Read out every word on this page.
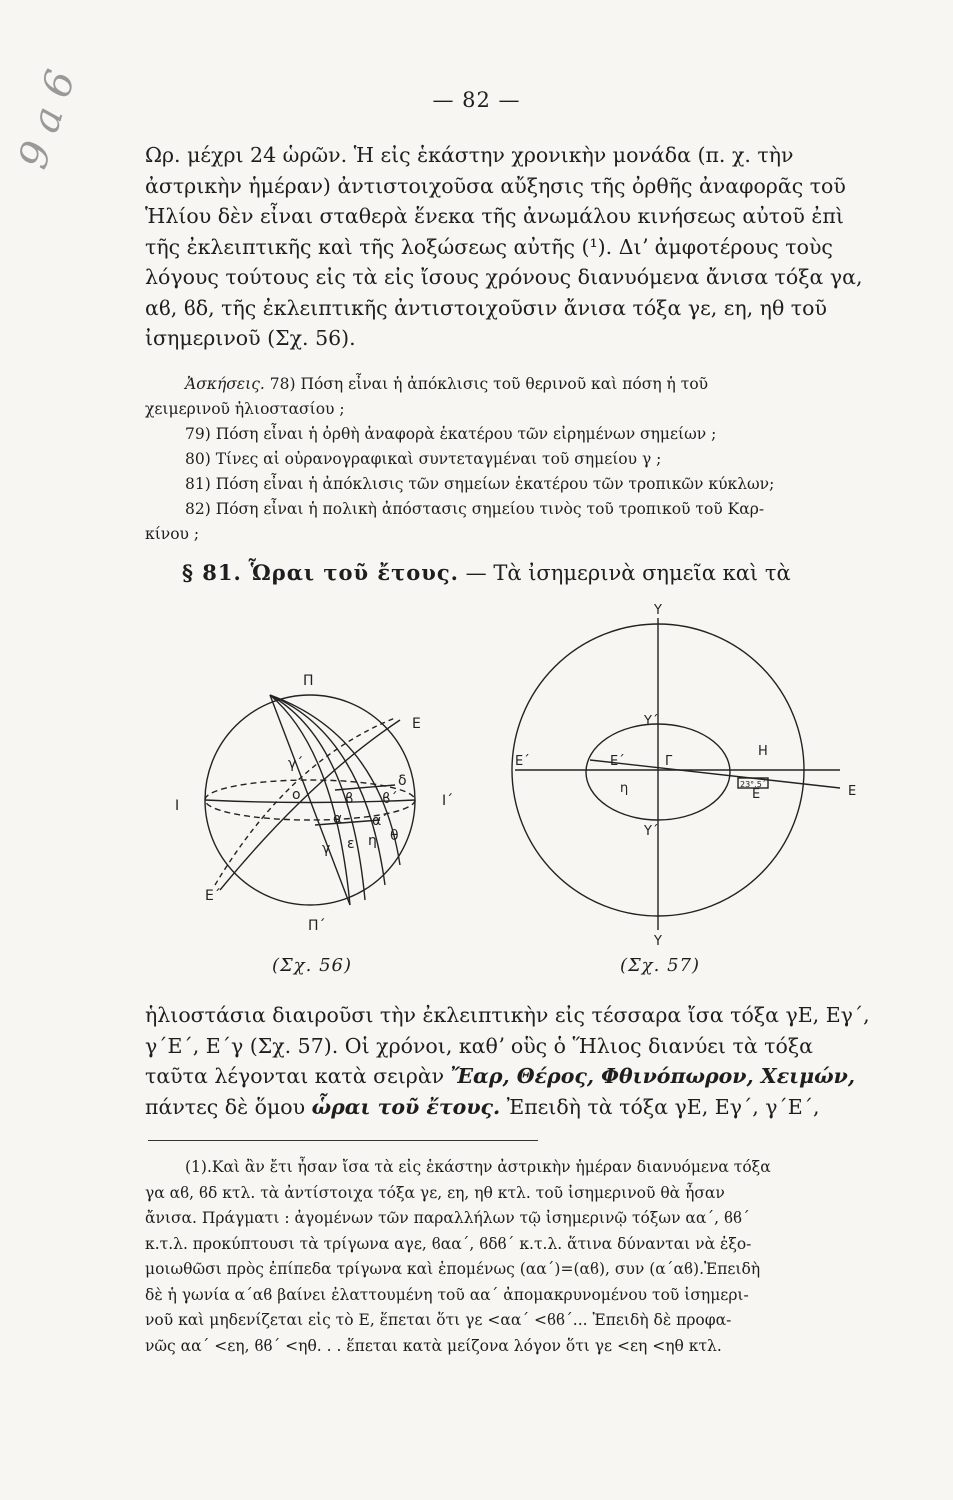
9 a 6	— 82 —
Ωρ. μέχρι 24 ὡρῶν. Ἡ εἰς ἑκάστην χρονικὴν μονάδα (π. χ. τὴν
ἀστρικὴν ἡμέραν) ἀντιστοιχοῦσα αὔξησις τῆς ὀρθῆς ἀναφορᾶς τοῦ
Ἡλίου δὲν εἶναι σταθερὰ ἕνεκα τῆς ἀνωμάλου κινήσεως αὐτοῦ ἐπὶ
τῆς ἐκλειπτικῆς καὶ τῆς λοξώσεως αὐτῆς (¹). Διʼ ἀμφοτέρους τοὺς
λόγους τούτους εἰς τὰ εἰς ἴσους χρόνους διανυόμενα ἄνισα τόξα γα,
αϐ, ϐδ, τῆς ἐκλειπτικῆς ἀντιστοιχοῦσιν ἄνισα τόξα γε, εη, ηθ τοῦ
ἰσημερινοῦ (Σχ. 56).
Ἀσκήσεις. 78) Πόση εἶναι ἡ ἀπόκλισις τοῦ θερινοῦ καὶ πόση ἡ τοῦ
χειμερινοῦ ἡλιοστασίου ;
79) Πόση εἶναι ἡ ὀρθὴ ἀναφορὰ ἑκατέρου τῶν εἰρημένων σημείων ;
80) Τίνες αἱ οὐρανογραφικαὶ συντεταγμέναι τοῦ σημείου γ ;
81) Πόση εἶναι ἡ ἀπόκλισις τῶν σημείων ἑκατέρου τῶν τροπικῶν κύκλων;
82) Πόση εἶναι ἡ πολικὴ ἀπόστασις σημείου τινὸς τοῦ τροπικοῦ τοῦ Καρ-
κίνου ;
§ 81. Ὧραι τοῦ ἔτους. — Τὰ ἰσημερινὰ σημεῖα καὶ τὰ
Π
Π΄
Ε
Ε΄
Ι	Ι΄
γ΄
ο	ϐ ϐ΄
δ
α α΄
γ ε η θ
Υ
Υ
Ε΄
Ε
Υ΄
Υ΄
Ε΄
Ε
Γ
η
Η
23°.5΄
(Σχ. 56)	(Σχ. 57)
ἡλιοστάσια διαιροῦσι τὴν ἐκλειπτικὴν εἰς τέσσαρα ἴσα τόξα γΕ, Εγ΄,
γ΄Ε΄, Ε΄γ (Σχ. 57). Οἱ χρόνοι, καθʼ οὓς ὁ Ἥλιος διανύει τὰ τόξα
ταῦτα λέγονται κατὰ σειρὰν Ἔαρ, Θέρος, Φθινόπωρον, Χειμών,
πάντες δὲ ὅμου ὧραι τοῦ ἔτους. Ἐπειδὴ τὰ τόξα γΕ, Εγ΄, γ΄Ε΄,
(1).Καὶ ἂν ἔτι ἦσαν ἴσα τὰ εἰς ἑκάστην ἀστρικὴν ἡμέραν διανυόμενα τόξα
γα αϐ, ϐδ κτλ. τὰ ἀντίστοιχα τόξα γε, εη, ηθ κτλ. τοῦ ἰσημερινοῦ θὰ ἦσαν
ἄνισα. Πράγματι : ἀγομένων τῶν παραλλήλων τῷ ἰσημερινῷ τόξων αα΄, ϐϐ΄
κ.τ.λ. προκύπτουσι τὰ τρίγωνα αγε, ϐαα΄, ϐδϐ΄ κ.τ.λ. ἅτινα δύνανται νὰ ἐξο-
μοιωθῶσι πρὸς ἐπίπεδα τρίγωνα καὶ ἑπομένως (αα΄)=(αϐ), συν (α΄αϐ).Ἐπειδὴ
δὲ ἡ γωνία α΄αϐ βαίνει ἐλαττουμένη τοῦ αα΄ ἀπομακρυνομένου τοῦ ἰσημερι-
νοῦ καὶ μηδενίζεται εἰς τὸ Ε, ἕπεται ὅτι γε <αα΄ <ϐϐ΄... Ἐπειδὴ δὲ προφα-
νῶς αα΄ <εη, ϐϐ΄ <ηθ. . . ἕπεται κατὰ μείζονα λόγον ὅτι γε <εη <ηθ κτλ.
